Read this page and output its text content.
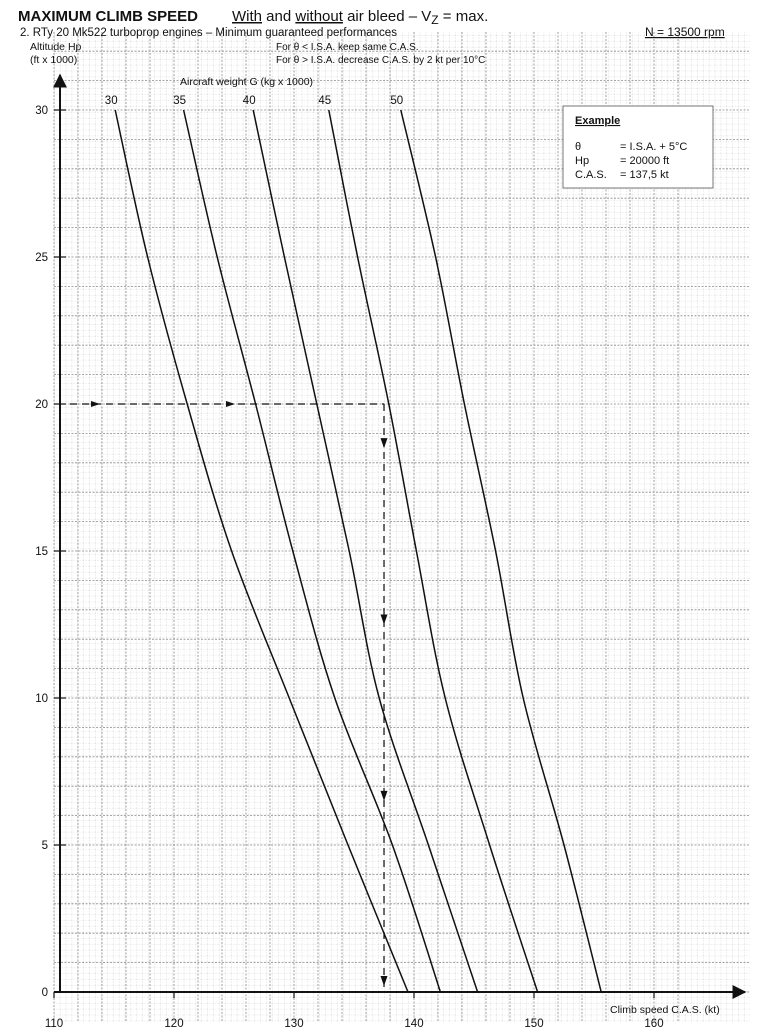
MAXIMUM CLIMB SPEED With and without air bleed – $V_Z = \max$.
2. RTy 20 Mk522 turboprop engines – Minimum guaranteed performances	N = 13500 rpm
For θ < I.S.A. keep same C.A.S.
For θ > I.S.A. decrease C.A.S. by 2 kt per 10°C
Altitude Hp
(ft x 1000)
Aircraft weight G (kg x 1000)
Climb speed C.A.S. (kt)
Example
θ	= I.S.A. + 5°C
Hp	= 20000 ft
C.A.S. = 137,5 kt
110	120	130	140	150	160
0
5
10
15
20
25
30
30	35	40	45	50
